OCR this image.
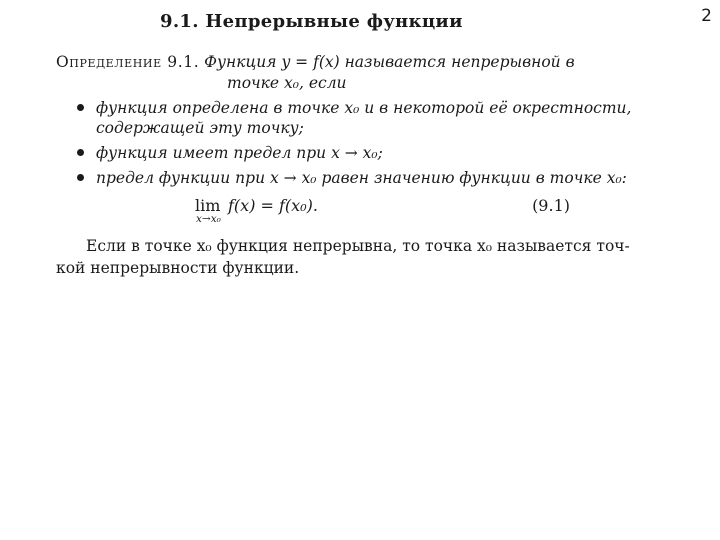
2
9.1. Непрерывные функции
Определение 9.1. Функция y = f(x) называется непрерывной в
точке x₀, если
функция определена в точке x₀ и в некоторой её окрестности, содержащей эту точку;
функция имеет предел при x → x₀;
предел функции при x → x₀ равен значению функции в точке x₀:
lim
x→x₀
f(x) = f(x₀).	(9.1)
Если в точке x₀ функция непрерывна, то точка x₀ называется точ-
кой непрерывности функции.
